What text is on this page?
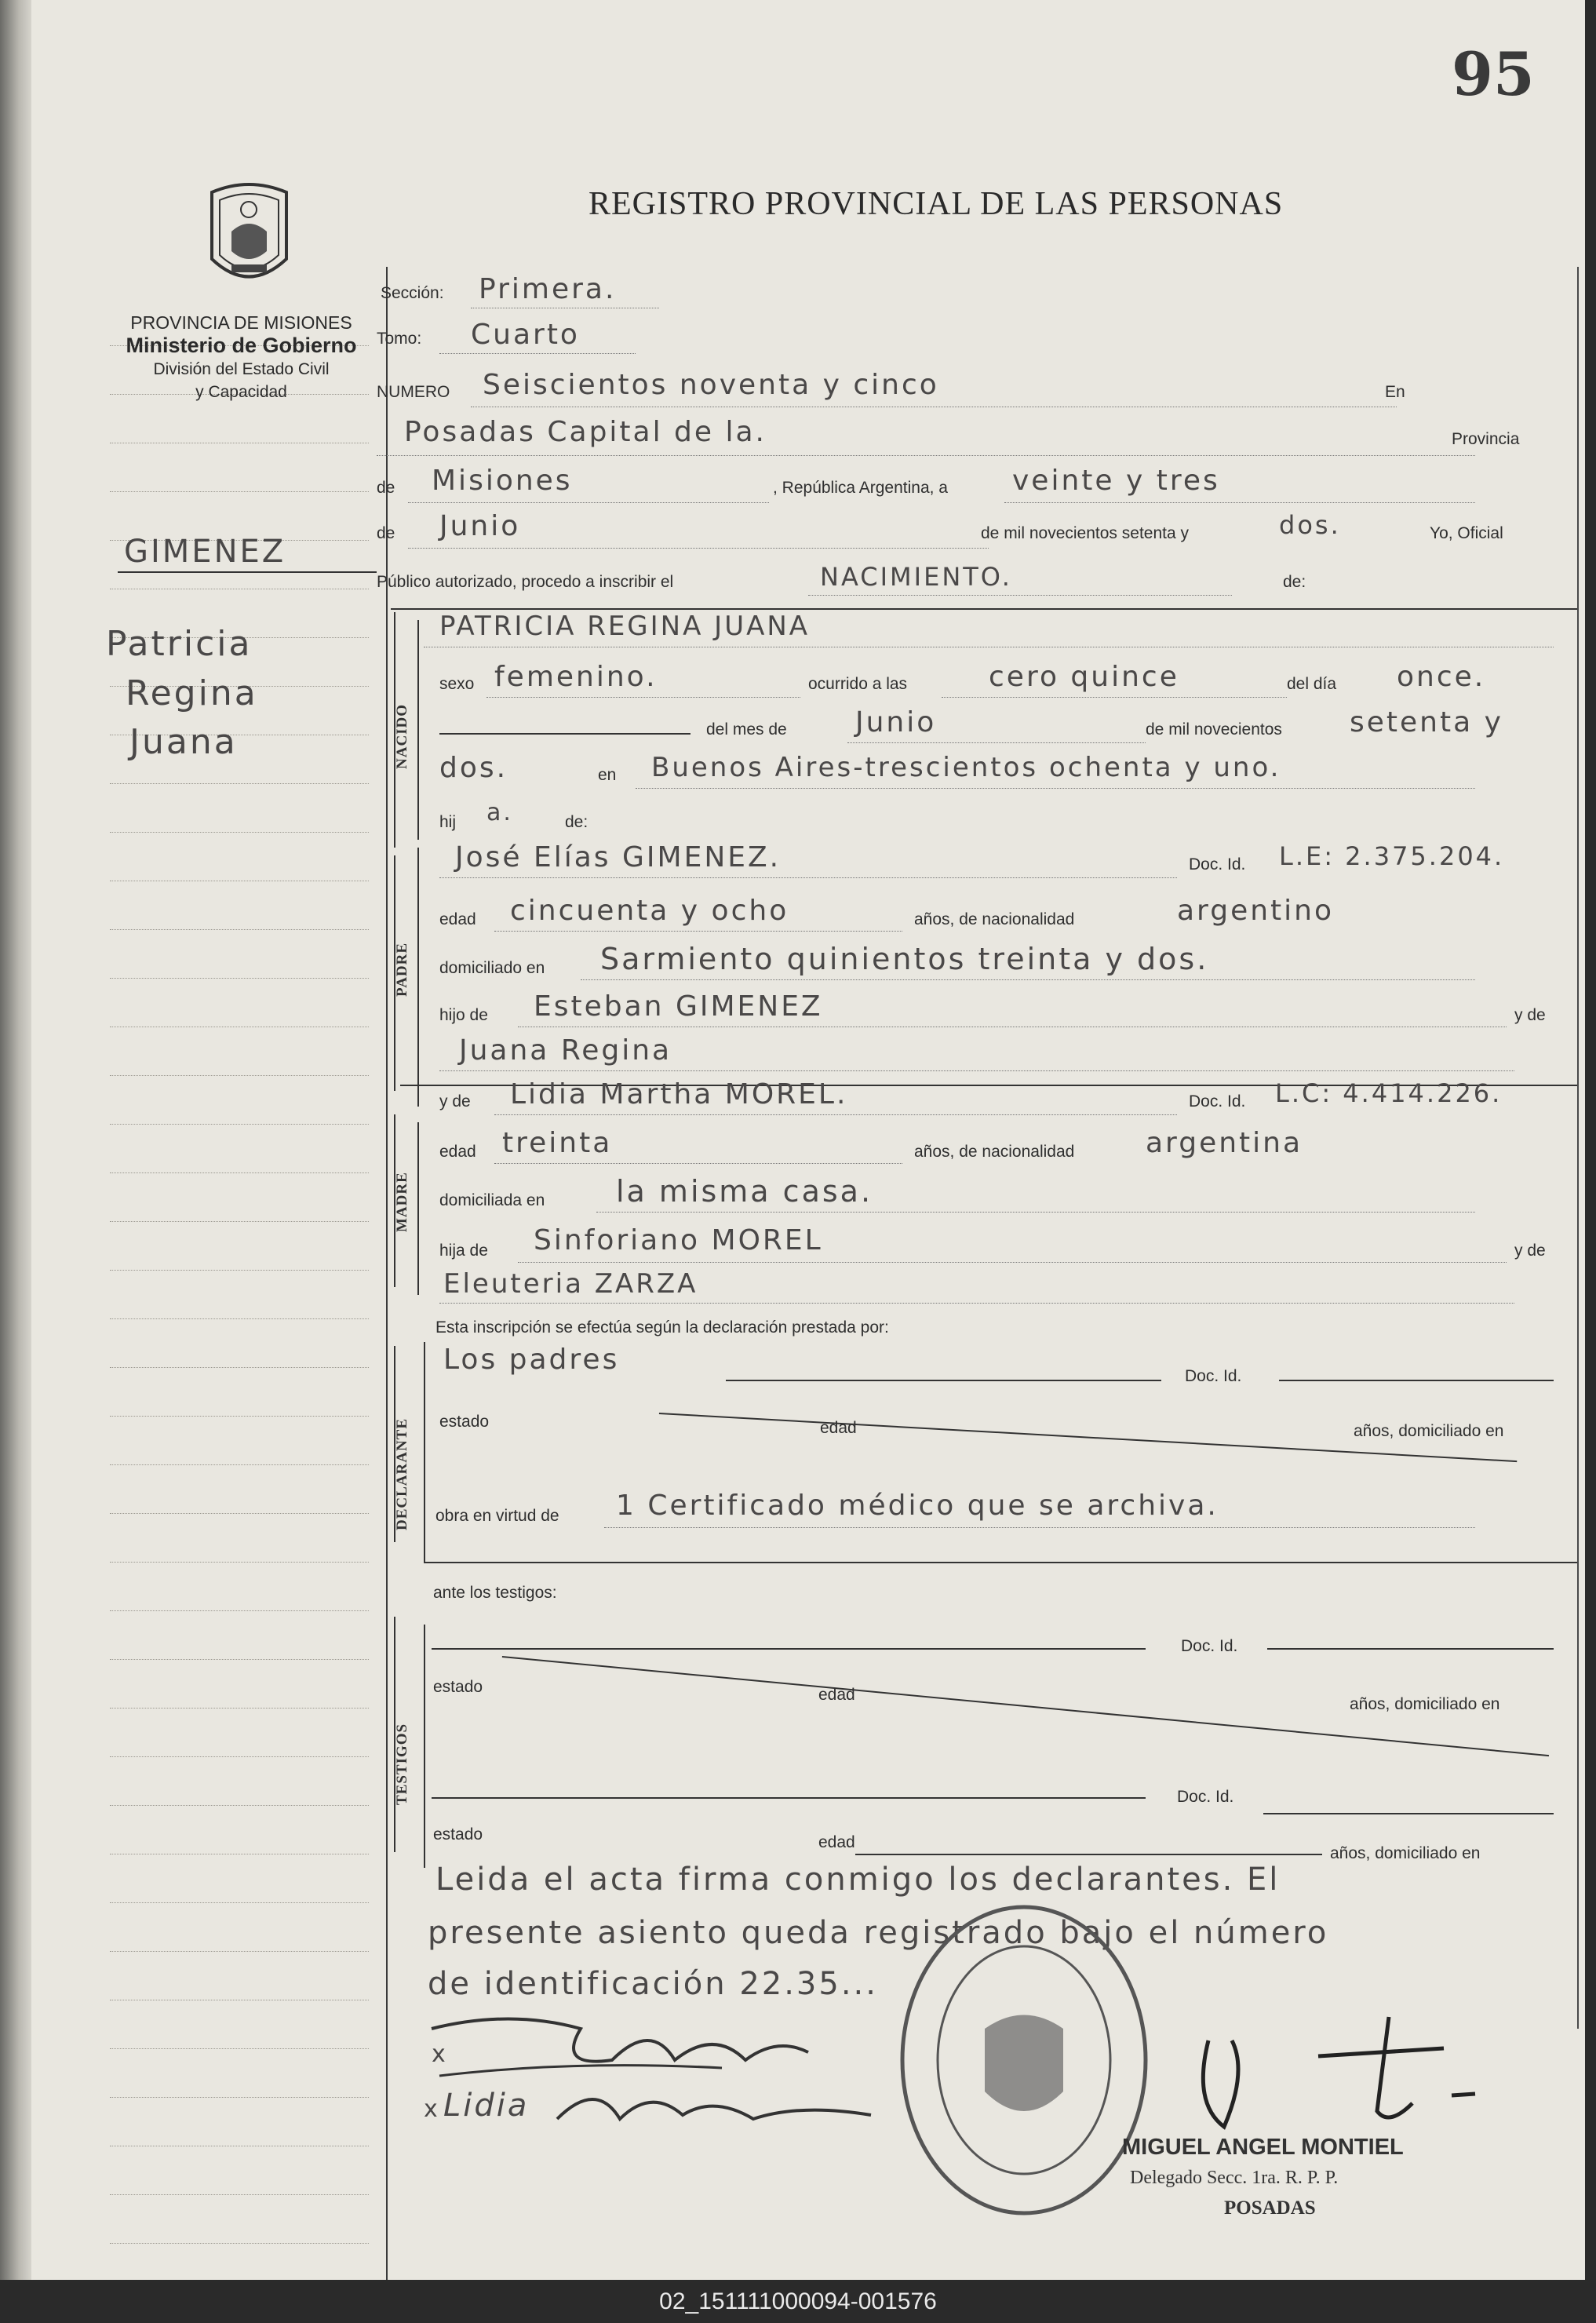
95
REGISTRO PROVINCIAL DE LAS PERSONAS
PROVINCIA DE MISIONES
Ministerio de Gobierno
División del Estado Civil
y Capacidad
GIMENEZ
Patricia
Regina
Juana
Sección: Primera.
Tomo: Cuarto
NUMERO Seiscientos noventa y cinco	En
Posadas Capital de la.	Provincia
de Misiones	, República Argentina, a veinte y tres
de Junio	de mil novecientos setenta y	dos.	Yo, Oficial
Público autorizado, procedo a inscribir el	NACIMIENTO.	de:
NACIDO
PATRICIA REGINA JUANA
sexo femenino.	ocurrido a las	cero quince	del día once.
del mes de Junio	de mil novecientos setenta y
dos.	en Buenos Aires-trescientos ochenta y uno.
hij a.	de:
PADRE
José Elías GIMENEZ.	Doc. Id. L.E: 2.375.204.
edad cincuenta y ocho	años, de nacionalidad	argentino
domiciliado en Sarmiento quinientos treinta y dos.
hijo de Esteban GIMENEZ	y de
Juana Regina
y de Lidia Martha MOREL.	Doc. Id. L.C: 4.414.226.
MADRE
edad treinta	años, de nacionalidad	argentina
domiciliada en la misma casa.
hija de Sinforiano MOREL	y de
Eleuteria ZARZA
Esta inscripción se efectúa según la declaración prestada por:
DECLARANTE
Los padres
Doc. Id.
estado	edad	años, domiciliado en
obra en virtud de 1 Certificado médico que se archiva.
ante los testigos:
TESTIGOS
Doc. Id.
estado	edad
años, domiciliado en
Doc. Id.
estado	edad
años, domiciliado en
Leida el acta firma conmigo los declarantes. El
presente asiento queda registrado bajo el número
de identificación 22.35...
x
x Lidia
MIGUEL ANGEL MONTIEL
Delegado Secc. 1ra. R. P. P.
POSADAS
02_151111000094-001576
